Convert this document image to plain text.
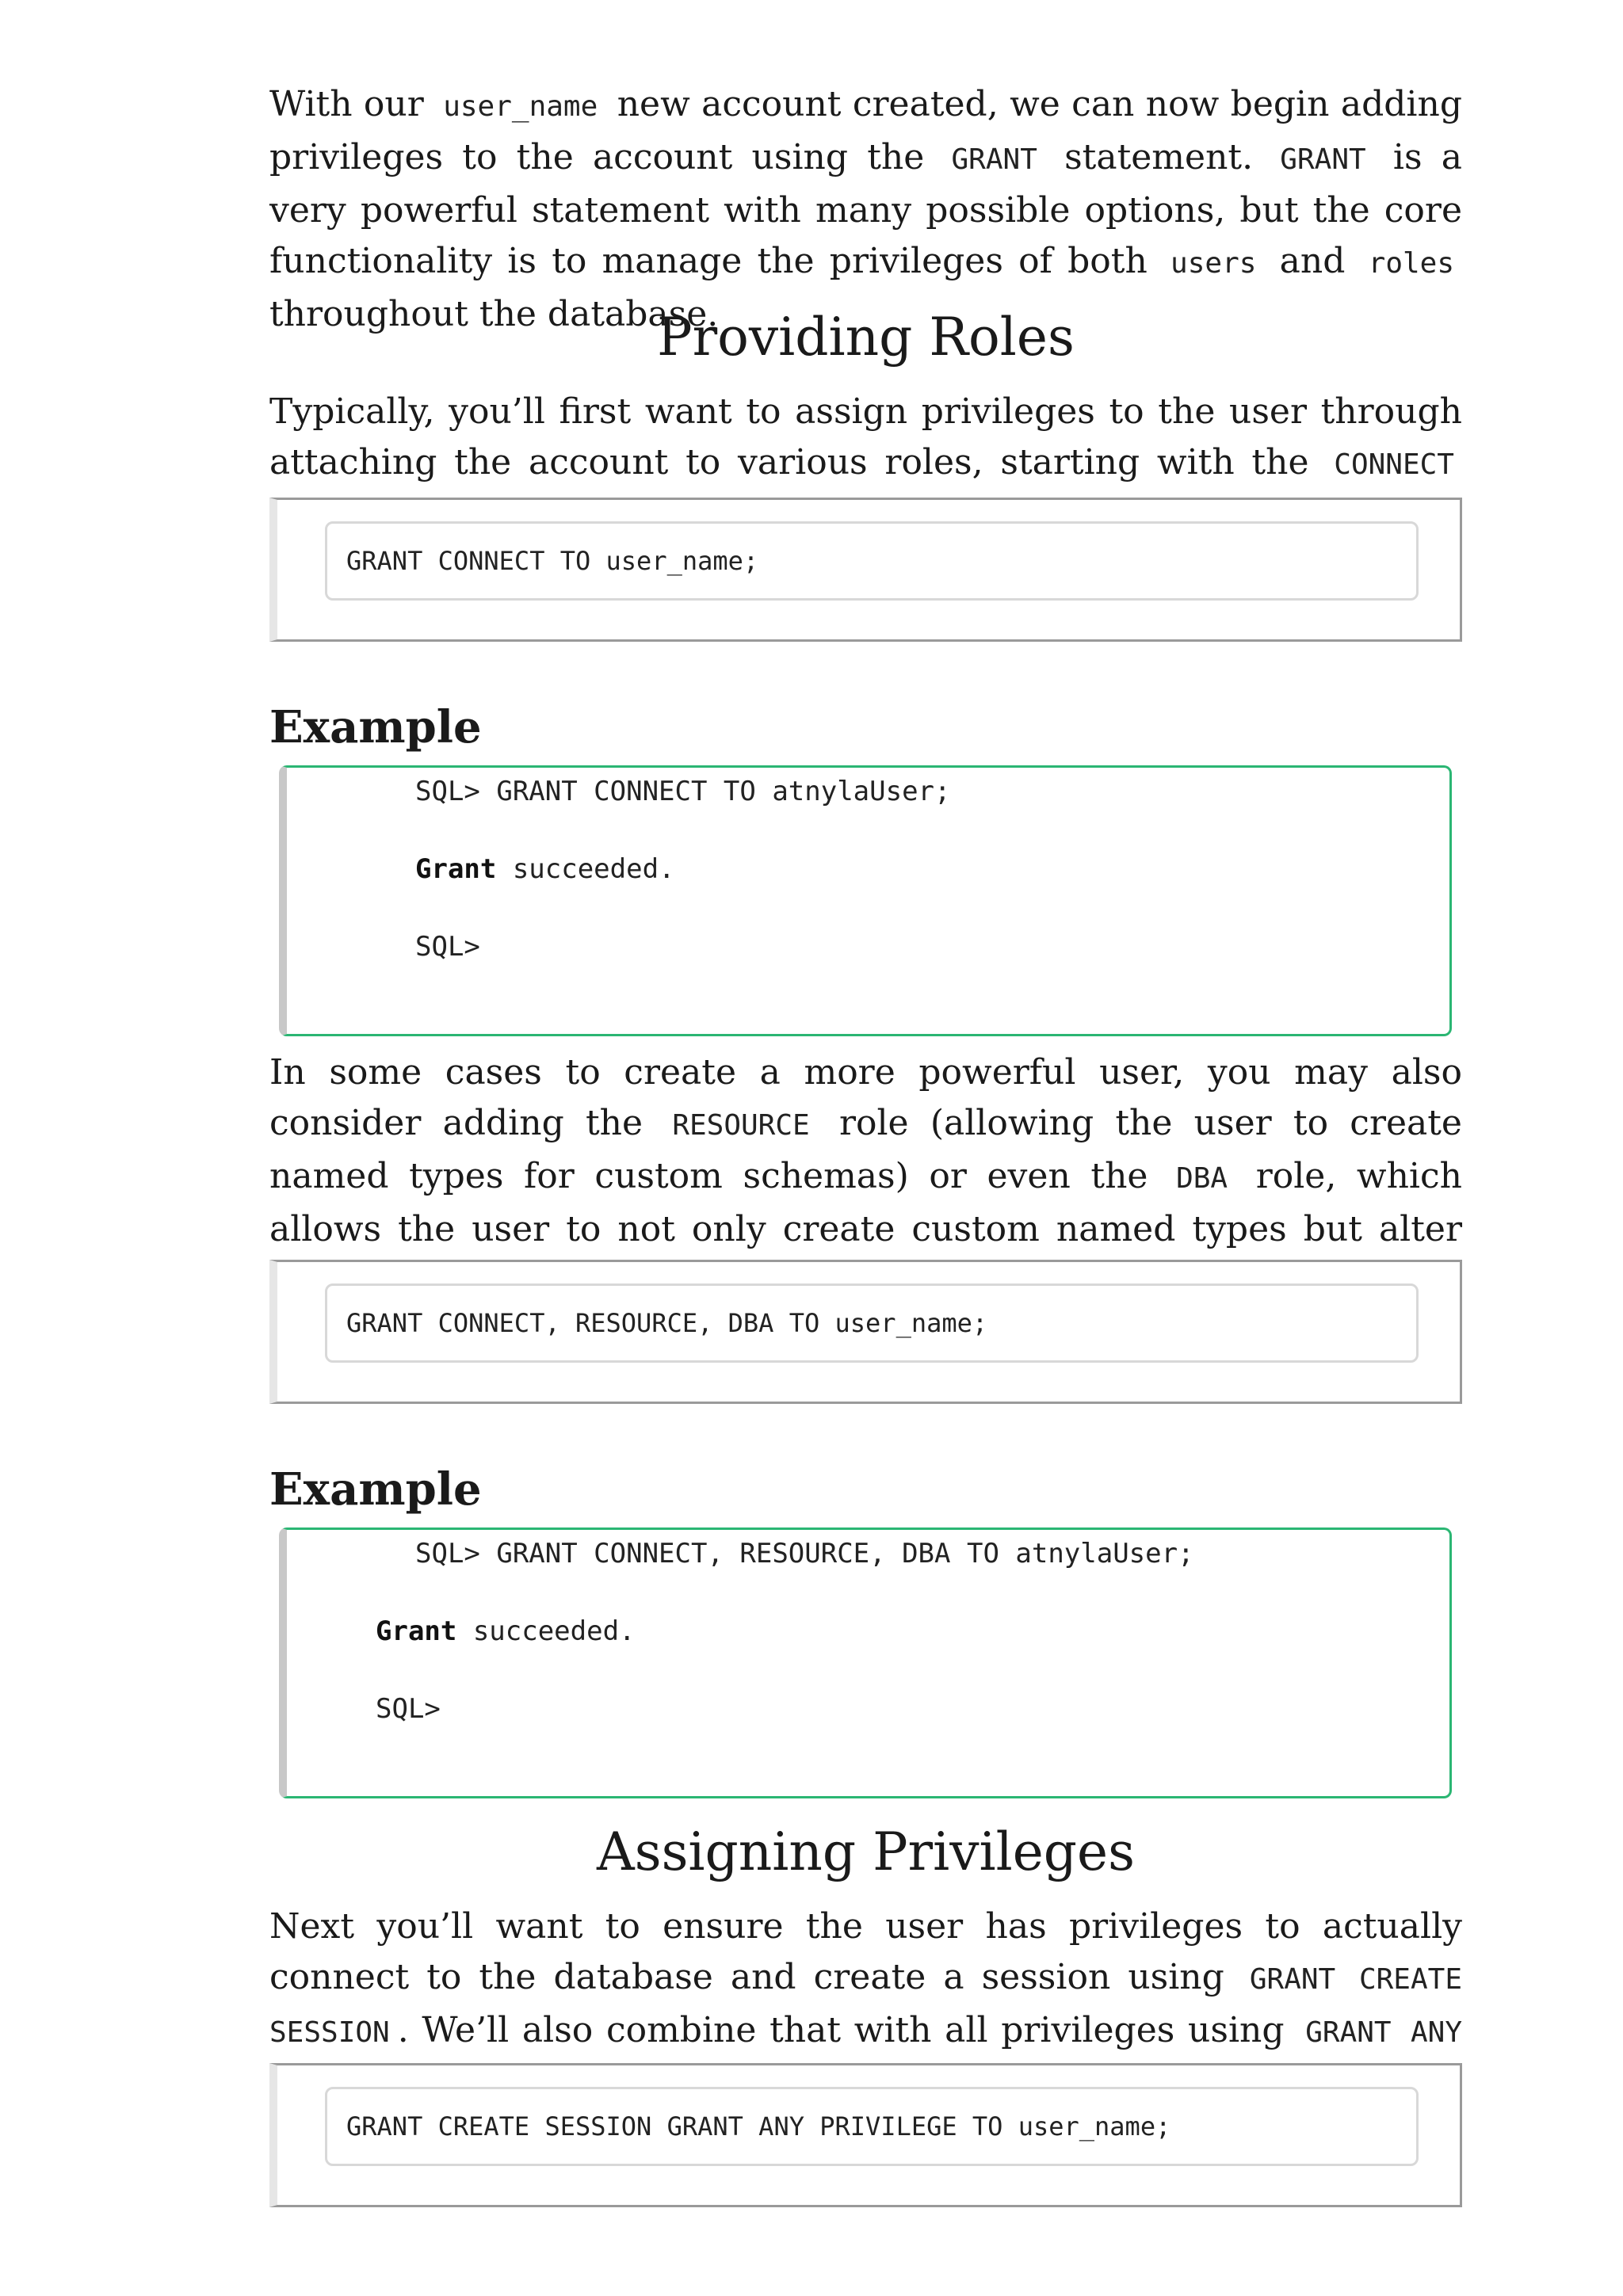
With our user_name new account created, we can now begin adding privileges to the account using the GRANT statement. GRANT is a very powerful statement with many possible options, but the core functionality is to manage the privileges of both users and roles throughout the database.

Providing Roles

Typically, you’ll first want to assign privileges to the user through attaching the account to various roles, starting with the CONNECT

GRANT CONNECT TO user_name;
Example
SQL> GRANT CONNECT TO atnylaUser;
Grant succeeded.
SQL>

In some cases to create a more powerful user, you may also consider adding the RESOURCE role (allowing the user to create named types for custom schemas) or even the DBA role, which allows the user to not only create custom named types but alter

GRANT CONNECT, RESOURCE, DBA TO user_name;
Example
SQL> GRANT CONNECT, RESOURCE, DBA TO atnylaUser;
Grant succeeded.
SQL>
Assigning Privileges

Next you’ll want to ensure the user has privileges to actually connect to the database and create a session using GRANT CREATE SESSION . We’ll also combine that with all privileges using GRANT ANY

GRANT CREATE SESSION GRANT ANY PRIVILEGE TO user_name;
